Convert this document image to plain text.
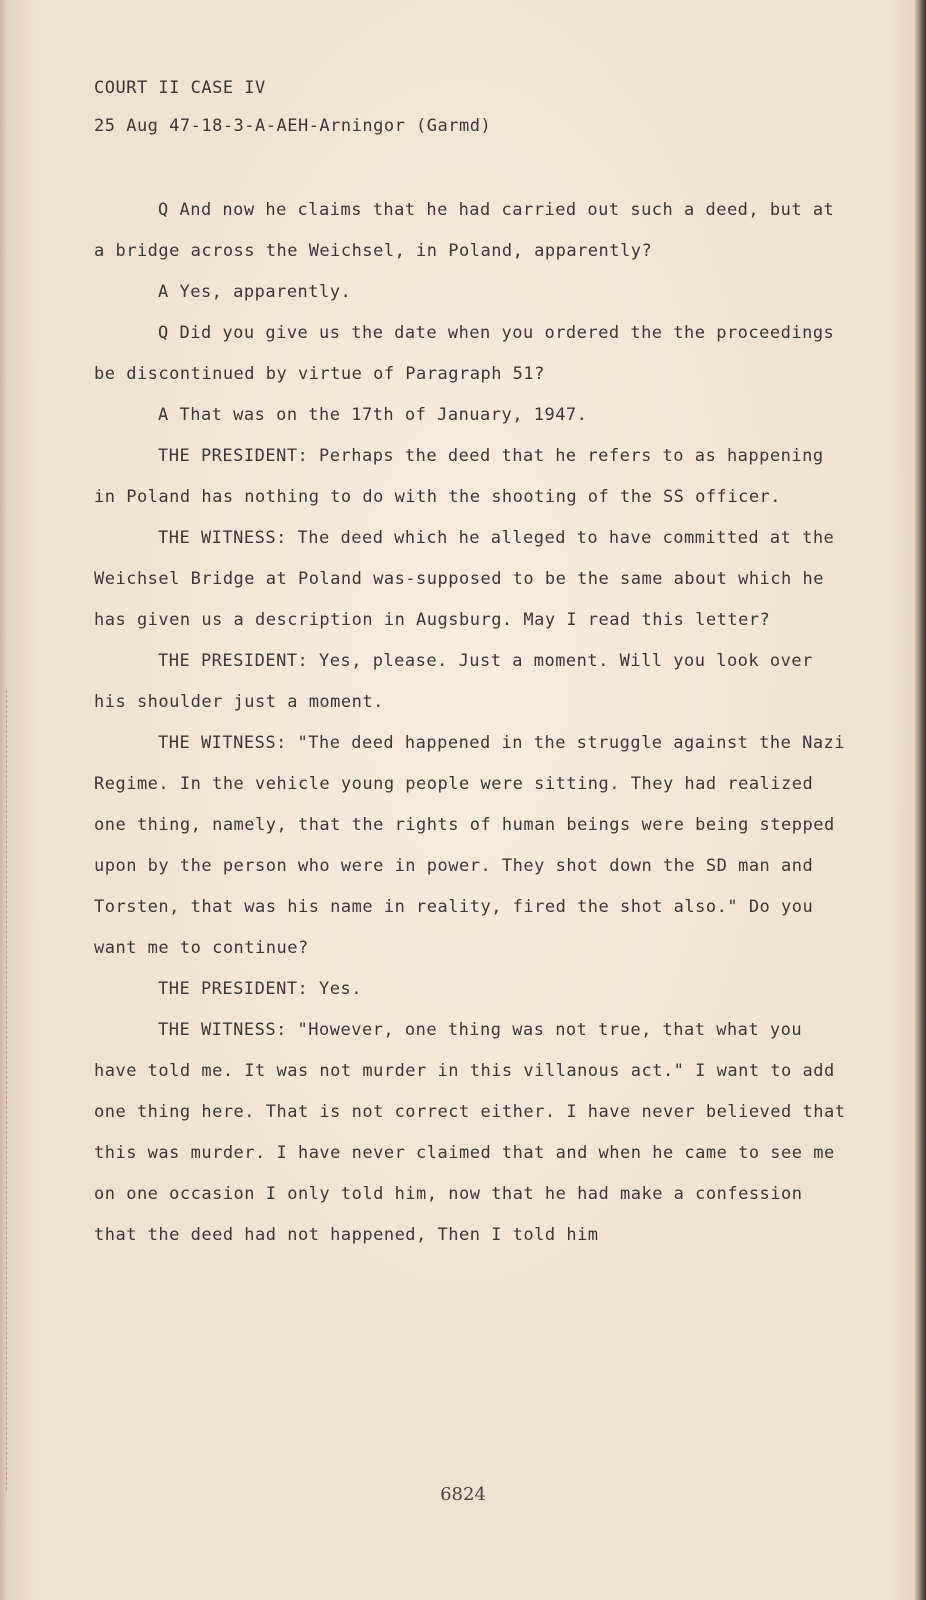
COURT II CASE IV

25 Aug 47-18-3-A-AEH-Arningor (Garmd)

Q And now he claims that he had carried out such a deed, but at a bridge across the Weichsel, in Poland, apparently?

A Yes, apparently.

Q Did you give us the date when you ordered the the proceedings be discontinued by virtue of Paragraph 51?

A That was on the 17th of January, 1947.

THE PRESIDENT: Perhaps the deed that he refers to as happening in Poland has nothing to do with the shooting of the SS officer.

THE WITNESS: The deed which he alleged to have committed at the Weichsel Bridge at Poland was-supposed to be the same about which he has given us a description in Augsburg. May I read this letter?

THE PRESIDENT: Yes, please. Just a moment. Will you look over his shoulder just a moment.

THE WITNESS: "The deed happened in the struggle against the Nazi Regime. In the vehicle young people were sitting. They had realized one thing, namely, that the rights of human beings were being stepped upon by the person who were in power. They shot down the SD man and Torsten, that was his name in reality, fired the shot also." Do you want me to continue?

THE PRESIDENT: Yes.

THE WITNESS: "However, one thing was not true, that what you have told me. It was not murder in this villanous act." I want to add one thing here. That is not correct either. I have never believed that this was murder. I have never claimed that and when he came to see me on one occasion I only told him, now that he had make a confession that the deed had not happened, Then I told him

6824
